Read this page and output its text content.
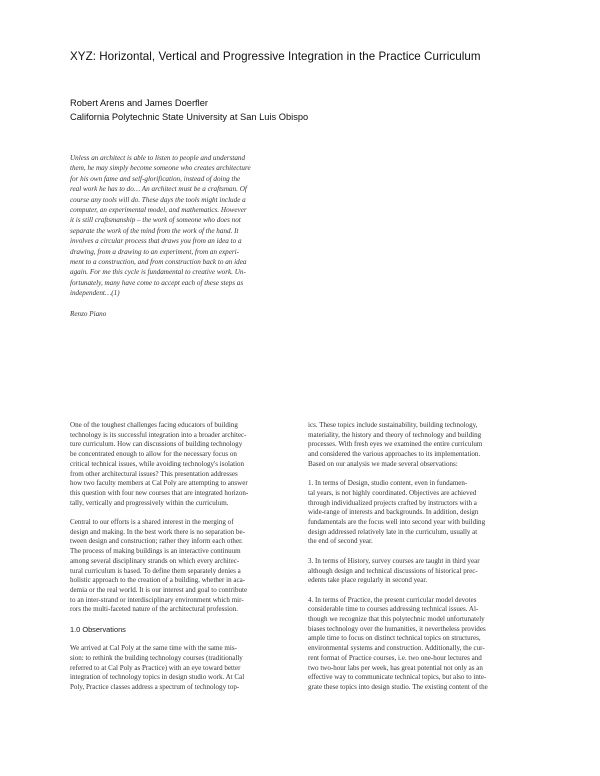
XYZ: Horizontal, Vertical and Progressive Integration in the Practice Curriculum
Robert Arens and James Doerfler
California Polytechnic State University at San Luis Obispo
Unless an architect is able to listen to people and understand
them, he may simply become someone who creates architecture
for his own fame and self-glorification, instead of doing the
real work he has to do… An architect must be a craftsman. Of
course any tools will do. These days the tools might include a
computer, an experimental model, and mathematics. However
it is still craftsmanship – the work of someone who does not
separate the work of the mind from the work of the hand. It
involves a circular process that draws you from an idea to a
drawing, from a drawing to an experiment, from an experi-
ment to a construction, and from construction back to an idea
again. For me this cycle is fundamental to creative work. Un-
fortunately, many have come to accept each of these steps as
independent…(1)
Renzo Piano
One of the toughest challenges facing educators of building
technology is its successful integration into a broader architec-
ture curriculum. How can discussions of building technology
be concentrated enough to allow for the necessary focus on
critical technical issues, while avoiding technology's isolation
from other architectural issues? This presentation addresses
how two faculty members at Cal Poly are attempting to answer
this question with four new courses that are integrated horizon-
tally, vertically and progressively within the curriculum.
Central to our efforts is a shared interest in the merging of
design and making. In the best work there is no separation be-
tween design and construction; rather they inform each other.
The process of making buildings is an interactive continuum
among several disciplinary strands on which every architec-
tural curriculum is based. To define them separately denies a
holistic approach to the creation of a building, whether in aca-
demia or the real world. It is our interest and goal to contribute
to an inter-strand or interdisciplinary environment which mir-
rors the multi-faceted nature of the architectural profession.
1.0 Observations
We arrived at Cal Poly at the same time with the same mis-
sion: to rethink the building technology courses (traditionally
referred to at Cal Poly as Practice) with an eye toward better
integration of technology topics in design studio work. At Cal
Poly, Practice classes address a spectrum of technology top-
ics. These topics include sustainability, building technology,
materiality, the history and theory of technology and building
processes. With fresh eyes we examined the entire curriculum
and considered the various approaches to its implementation.
Based on our analysis we made several observations:
1. In terms of Design, studio content, even in fundamen-
tal years, is not highly coordinated. Objectives are achieved
through individualized projects crafted by instructors with a
wide-range of interests and backgrounds. In addition, design
fundamentals are the focus well into second year with building
design addressed relatively late in the curriculum, usually at
the end of second year.
3. In terms of History, survey courses are taught in third year
although design and technical discussions of historical prec-
edents take place regularly in second year.
4. In terms of Practice, the present curricular model devotes
considerable time to courses addressing technical issues. Al-
though we recognize that this polytechnic model unfortunately
biases technology over the humanities, it nevertheless provides
ample time to focus on distinct technical topics on structures,
environmental systems and construction. Additionally, the cur-
rent format of Practice courses, i.e. two one-hour lectures and
two two-hour labs per week, has great potential not only as an
effective way to communicate technical topics, but also to inte-
grate these topics into design studio. The existing content of the
